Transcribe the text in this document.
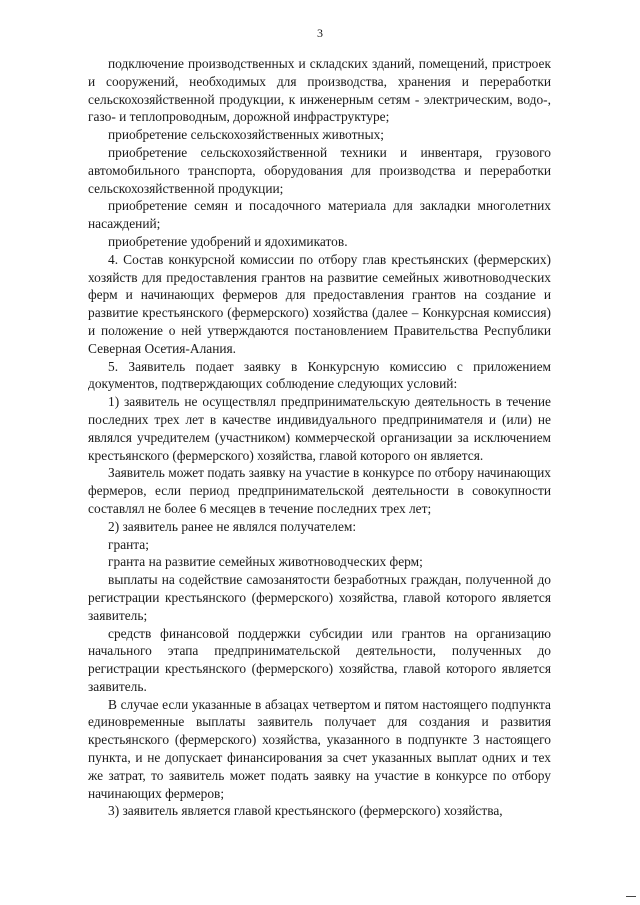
3

подключение производственных и складских зданий, помещений, пристроек и сооружений, необходимых для производства, хранения и переработки сельскохозяйственной продукции, к инженерным сетям - электрическим, водо-, газо- и теплопроводным, дорожной инфраструктуре;

приобретение сельскохозяйственных животных;

приобретение сельскохозяйственной техники и инвентаря, грузового автомобильного транспорта, оборудования для производства и переработки сельскохозяйственной продукции;

приобретение семян и посадочного материала для закладки многолетних насаждений;

приобретение удобрений и ядохимикатов.

4. Состав конкурсной комиссии по отбору глав крестьянских (фермерских) хозяйств для предоставления грантов на развитие семейных животноводческих ферм и начинающих фермеров для предоставления грантов на создание и развитие крестьянского (фермерского) хозяйства (далее – Конкурсная комиссия) и положение о ней утверждаются постановлением Правительства Республики Северная Осетия-Алания.

5. Заявитель подает заявку в Конкурсную комиссию с приложением документов, подтверждающих соблюдение следующих условий:

1) заявитель не осуществлял предпринимательскую деятельность в течение последних трех лет в качестве индивидуального предпринимателя и (или) не являлся учредителем (участником) коммерческой организации за исключением крестьянского (фермерского) хозяйства, главой которого он является.

Заявитель может подать заявку на участие в конкурсе по отбору начинающих фермеров, если период предпринимательской деятельности в совокупности составлял не более 6 месяцев в течение последних трех лет;

2) заявитель ранее не являлся получателем:

гранта;

гранта на развитие семейных животноводческих ферм;

выплаты на содействие самозанятости безработных граждан, полученной до регистрации крестьянского (фермерского) хозяйства, главой которого является заявитель;

средств финансовой поддержки субсидии или грантов на организацию начального этапа предпринимательской деятельности, полученных до регистрации крестьянского (фермерского) хозяйства, главой которого является заявитель.

В случае если указанные в абзацах четвертом и пятом настоящего подпункта единовременные выплаты заявитель получает для создания и развития крестьянского (фермерского) хозяйства, указанного в подпункте 3 настоящего пункта, и не допускает финансирования за счет указанных выплат одних и тех же затрат, то заявитель может подать заявку на участие в конкурсе по отбору начинающих фермеров;

3) заявитель является главой крестьянского (фермерского) хозяйства,
